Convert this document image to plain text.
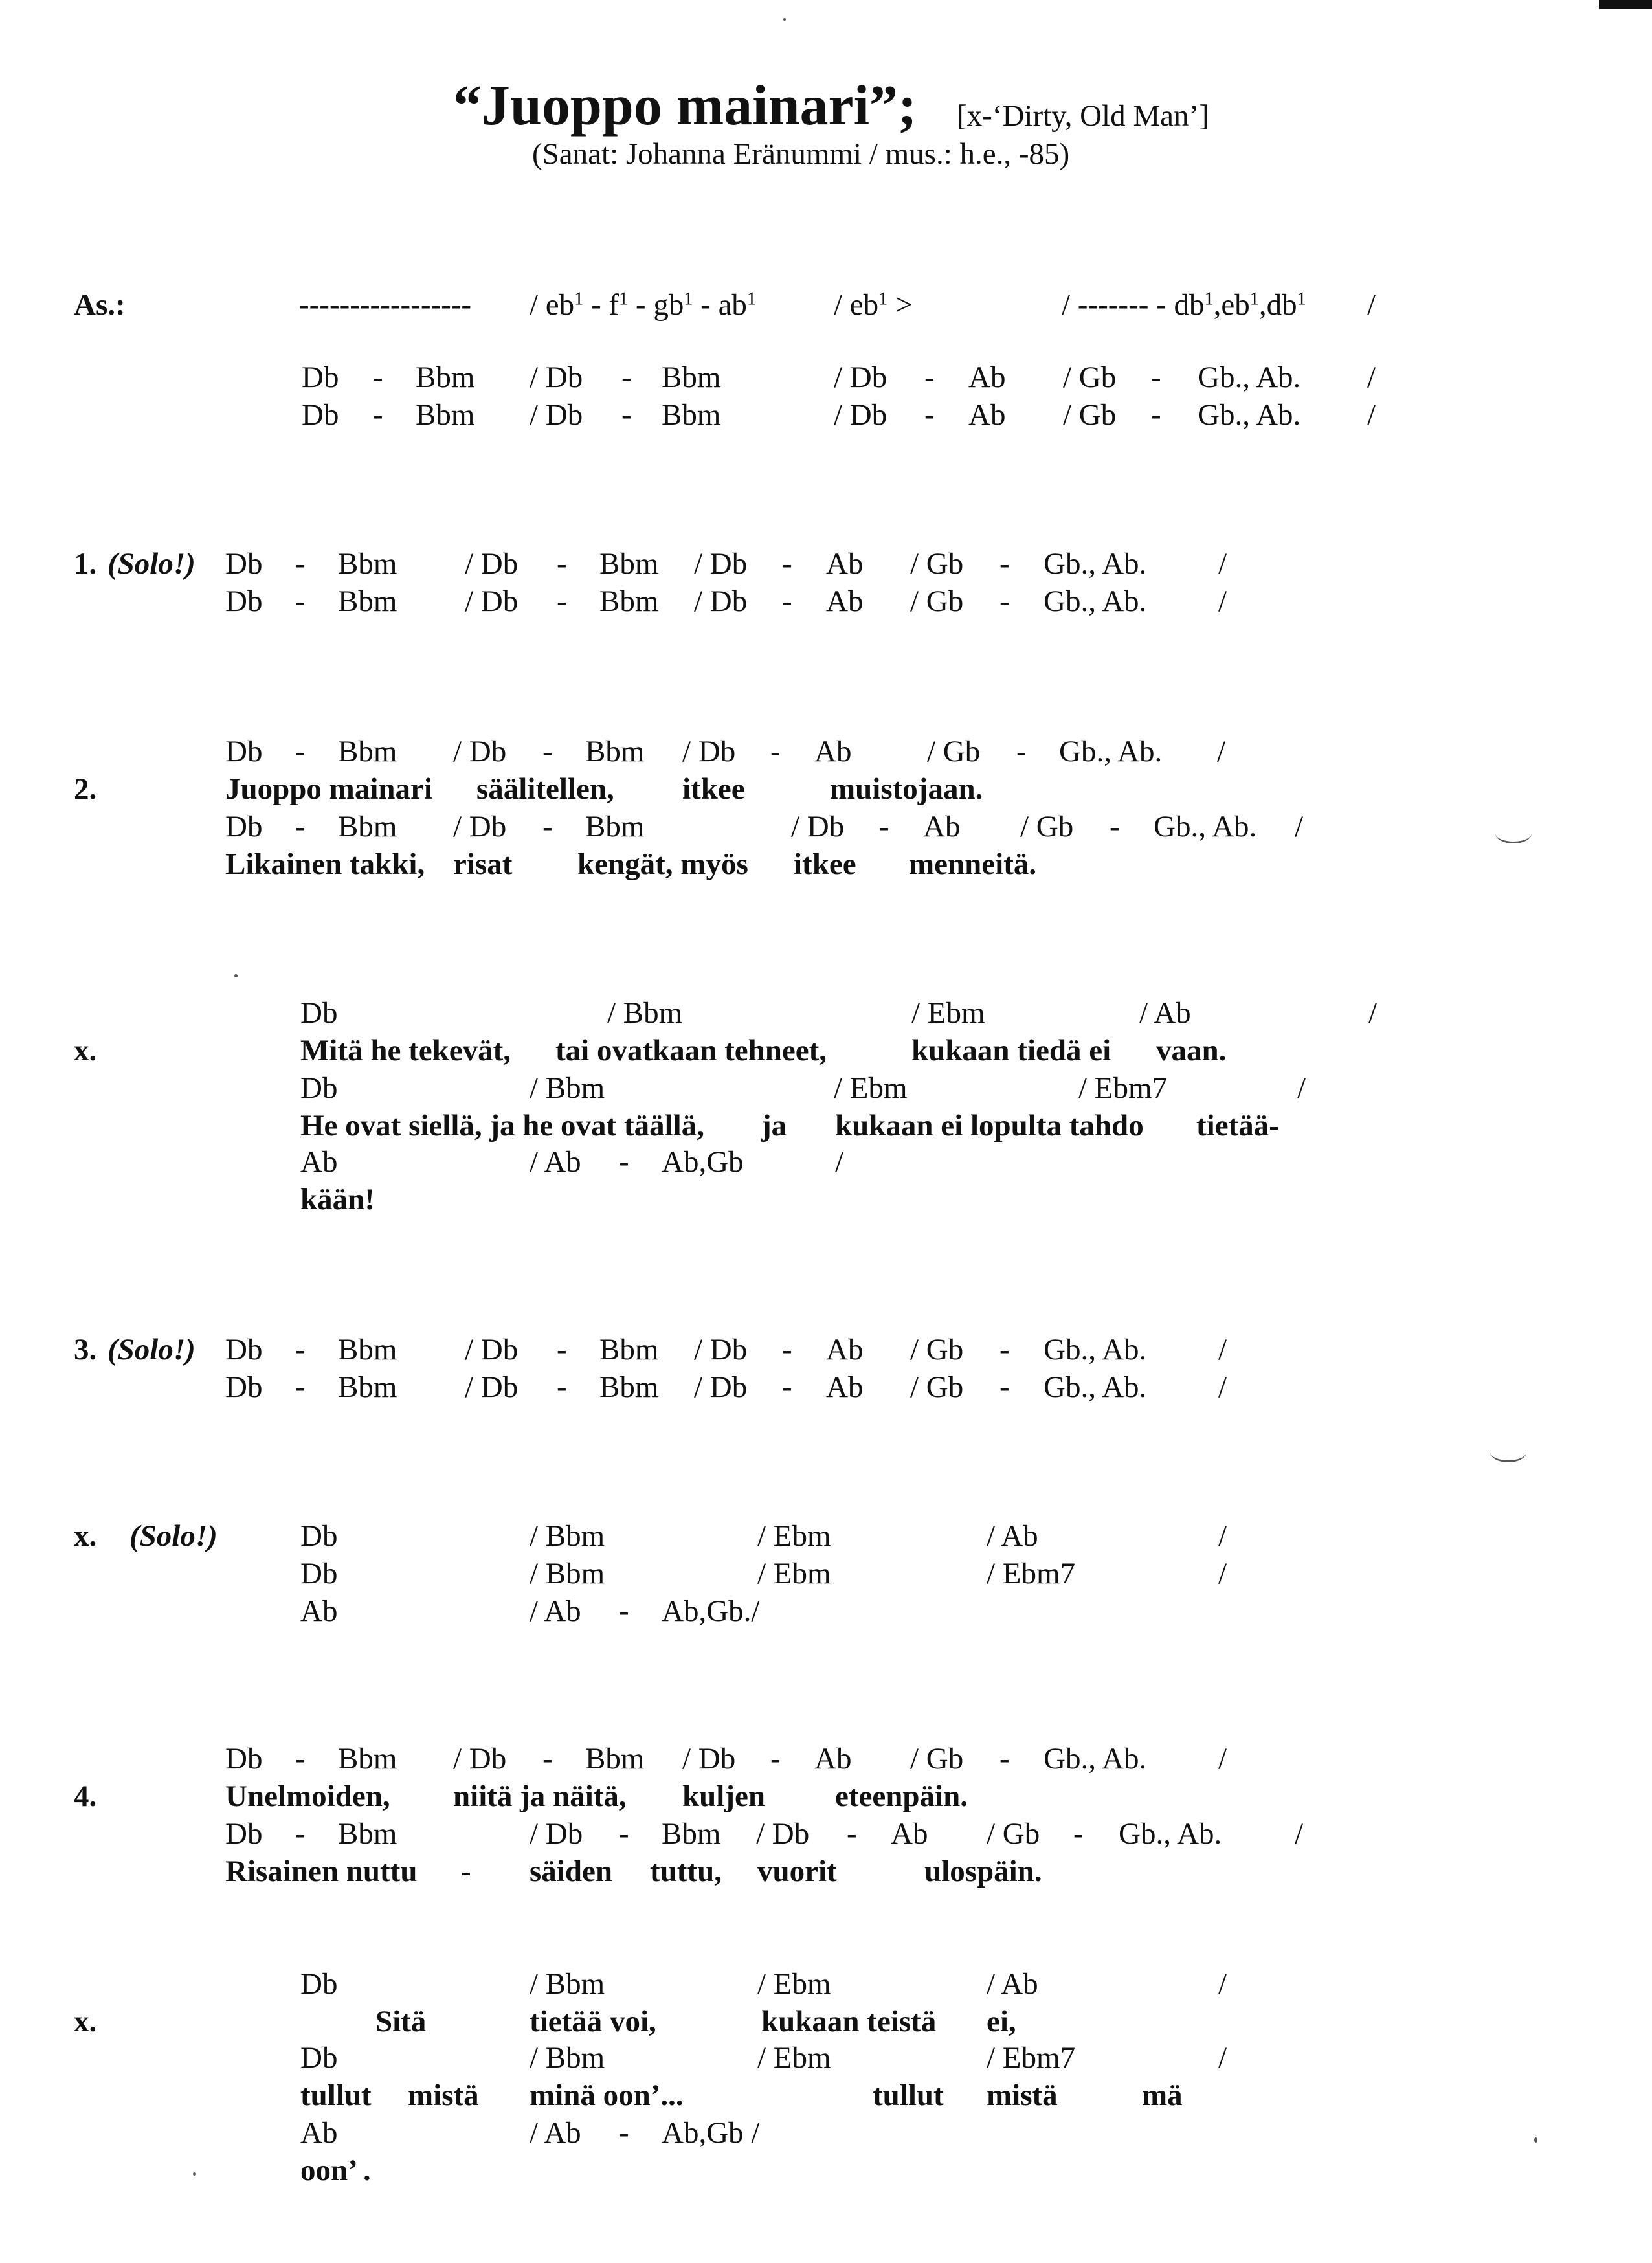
“Juoppo mainari”; [x-‘Dirty, Old Man’]
(Sanat: Johanna Eränummi / mus.: h.e., -85)
As.:	----------------- / $eb^1 - f^1 - gb^1 - ab^1$	/ $eb^1$ >	/ ------- - $db^1,eb^1,db^1$ /
Db - Bbm / Db - Bbm	/ Db - Ab / Gb - Gb., Ab. /
Db - Bbm / Db - Bbm	/ Db - Ab / Gb - Gb., Ab. /
1. (Solo!) Db - Bbm / Db - Bbm / Db - Ab / Gb - Gb., Ab. /
Db - Bbm / Db - Bbm / Db - Ab / Gb - Gb., Ab. /
Db - Bbm / Db - Bbm / Db - Ab / Gb - Gb., Ab. /
2.	Juoppo mainari säälitellen, itkee	muistojaan.
Db - Bbm / Db - Bbm	/ Db - Ab / Gb - Gb., Ab. /
Likainen takki, risat kengät, myös itkee menneitä.
Db	/ Bbm	/ Ebm	/ Ab	/
x.	Mitä he tekevät, tai ovatkaan tehneet,	kukaan tiedä ei vaan.
Db	/ Bbm	/ Ebm	/ Ebm7	/
He ovat siellä, ja he ovat täällä, ja kukaan ei lopulta tahdo tietää-
Ab	/ Ab - Ab,Gb	/
kään!
3. (Solo!) Db - Bbm / Db - Bbm / Db - Ab / Gb - Gb., Ab. /
Db - Bbm / Db - Bbm / Db - Ab / Gb - Gb., Ab. /
x. (Solo!)	Db	/ Bbm	/ Ebm	/ Ab	/
Db	/ Bbm	/ Ebm	/ Ebm7	/
Ab	/ Ab - Ab,Gb./
Db - Bbm / Db - Bbm / Db - Ab / Gb - Gb., Ab. /
4.	Unelmoiden, niitä ja näitä, kuljen eteenpäin.
Db - Bbm	/ Db - Bbm / Db - Ab / Gb - Gb., Ab. /
Risainen nuttu - säiden tuttu, vuorit	ulospäin.
Db	/ Bbm	/ Ebm	/ Ab	/
x.	Sitä	tietää voi,	kukaan teistä ei,
Db	/ Bbm	/ Ebm	/ Ebm7	/
tullut mistä minä oon’...	tullut mistä	mä
Ab	/ Ab - Ab,Gb /
oon’ .
